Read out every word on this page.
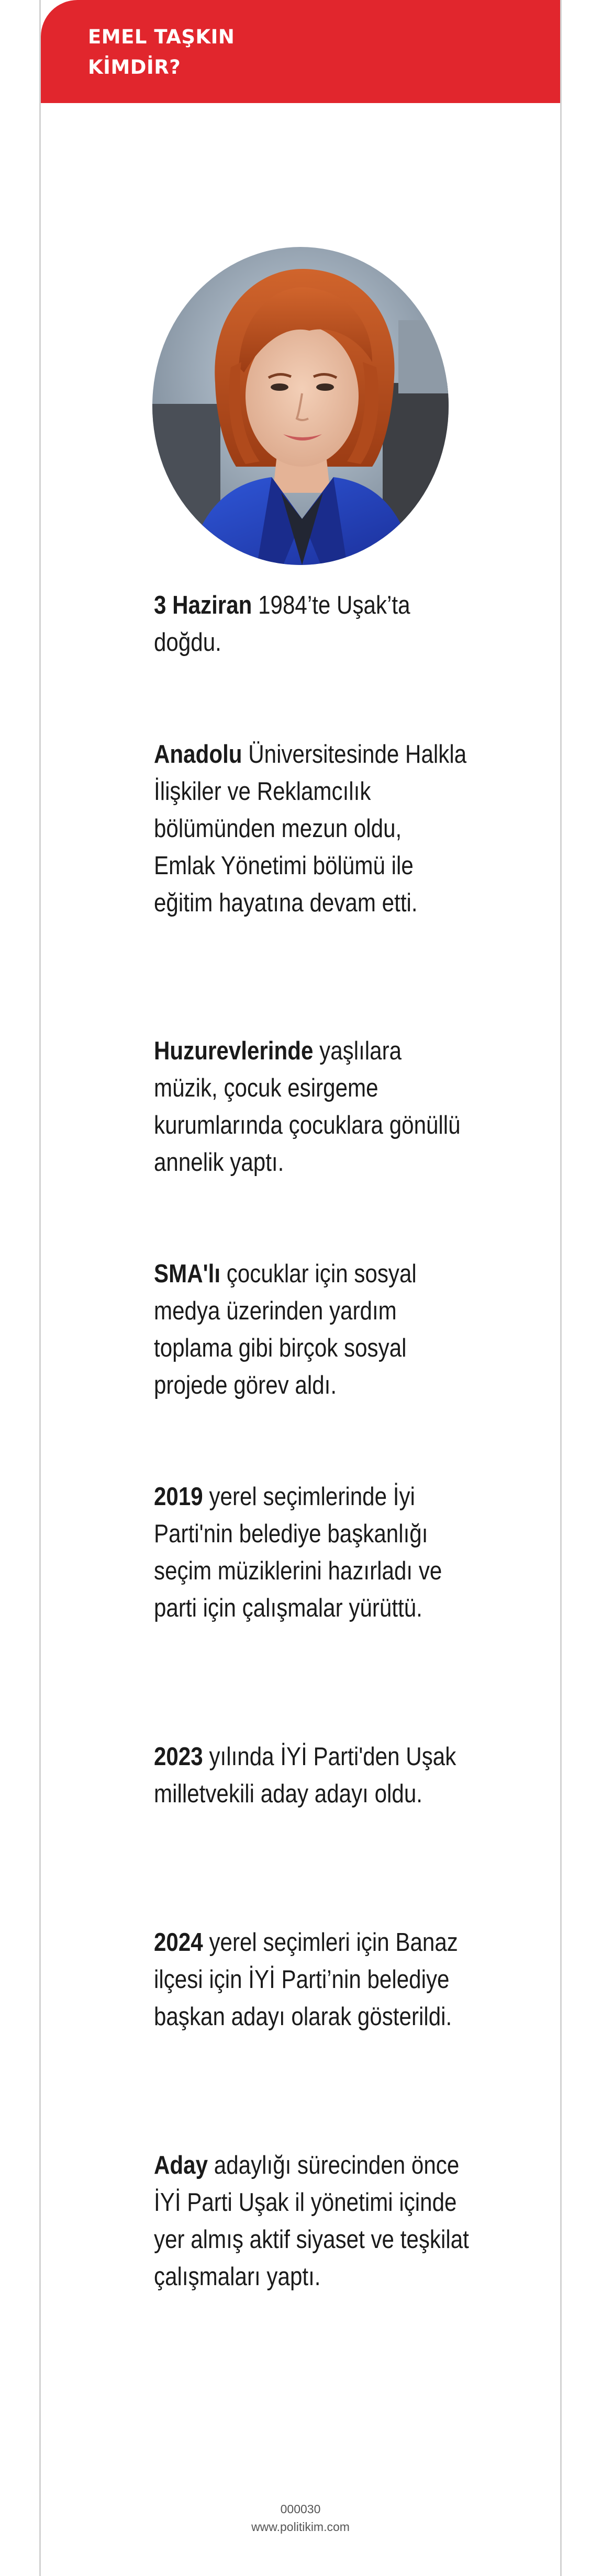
EMEL TAŞKIN
KİMDİR?

3 Haziran 1984’te Uşak’ta doğdu.

Anadolu Üniversitesinde Halkla İlişkiler ve Reklamcılık bölümünden mezun oldu, Emlak Yönetimi bölümü ile eğitim hayatına devam etti.

Huzurevlerinde yaşlılara müzik, çocuk esirgeme kurumlarında çocuklara gönüllü annelik yaptı.

SMA'lı çocuklar için sosyal medya üzerinden yardım toplama gibi birçok sosyal projede görev aldı.

2019 yerel seçimlerinde İyi Parti'nin belediye başkanlığı seçim müziklerini hazırladı ve parti için çalışmalar yürüttü.

2023 yılında İYİ Parti'den Uşak milletvekili aday adayı oldu.

2024 yerel seçimleri için Banaz ilçesi için İYİ Parti’nin belediye başkan adayı olarak gösterildi.

Aday adaylığı sürecinden önce İYİ Parti Uşak il yönetimi içinde yer almış aktif siyaset ve teşkilat çalışmaları yaptı.

000030
www.politikim.com
